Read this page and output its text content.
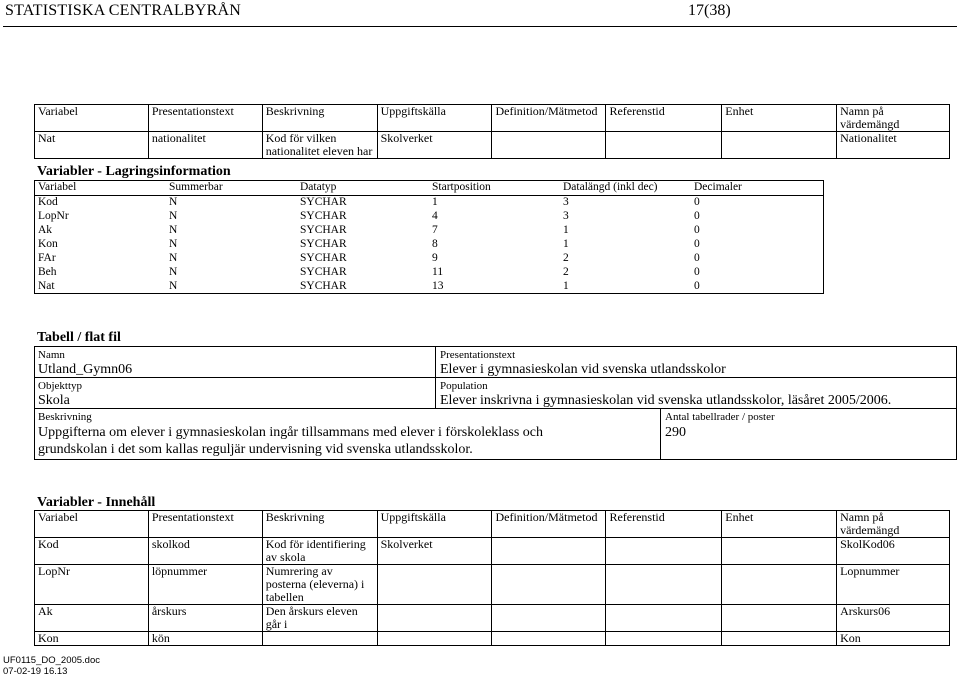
STATISTISKA CENTRALBYRÅN	17(38)
Variabel	Presentationstext	Beskrivning	Uppgiftskälla	Definition/Mätmetod	Referenstid	Enhet	Namn på värdemängd
Nat	nationalitet	Kod för vilken nationalitet eleven har	Skolverket				Nationalitet
Variabler - Lagringsinformation
Variabel	Summerbar	Datatyp	Startposition	Datalängd (inkl dec)	Decimaler
Kod	N	SYCHAR	1	3	0
LopNr	N	SYCHAR	4	3	0
Ak	N	SYCHAR	7	1	0
Kon	N	SYCHAR	8	1	0
FAr	N	SYCHAR	9	2	0
Beh	N	SYCHAR	11	2	0
Nat	N	SYCHAR	13	1	0
Tabell / flat fil
Namn
Utland_Gymn06
Presentationstext
Elever i gymnasieskolan vid svenska utlandsskolor
Objekttyp
Skola
Population
Elever inskrivna i gymnasieskolan vid svenska utlandsskolor, läsåret 2005/2006.
Beskrivning
Uppgifterna om elever i gymnasieskolan ingår tillsammans med elever i förskoleklass och
grundskolan i det som kallas reguljär undervisning vid svenska utlandsskolor.
Antal tabellrader / poster
290
Variabler - Innehåll
Variabel	Presentationstext	Beskrivning	Uppgiftskälla	Definition/Mätmetod	Referenstid	Enhet	Namn på värdemängd
Kod	skolkod	Kod för identifiering av skola	Skolverket				SkolKod06
LopNr	löpnummer	Numrering av posterna (eleverna) i tabellen					Lopnummer
Ak	årskurs	Den årskurs eleven går i					Arskurs06
Kon	kön						Kon
UF0115_DO_2005.doc
07-02-19 16.13
